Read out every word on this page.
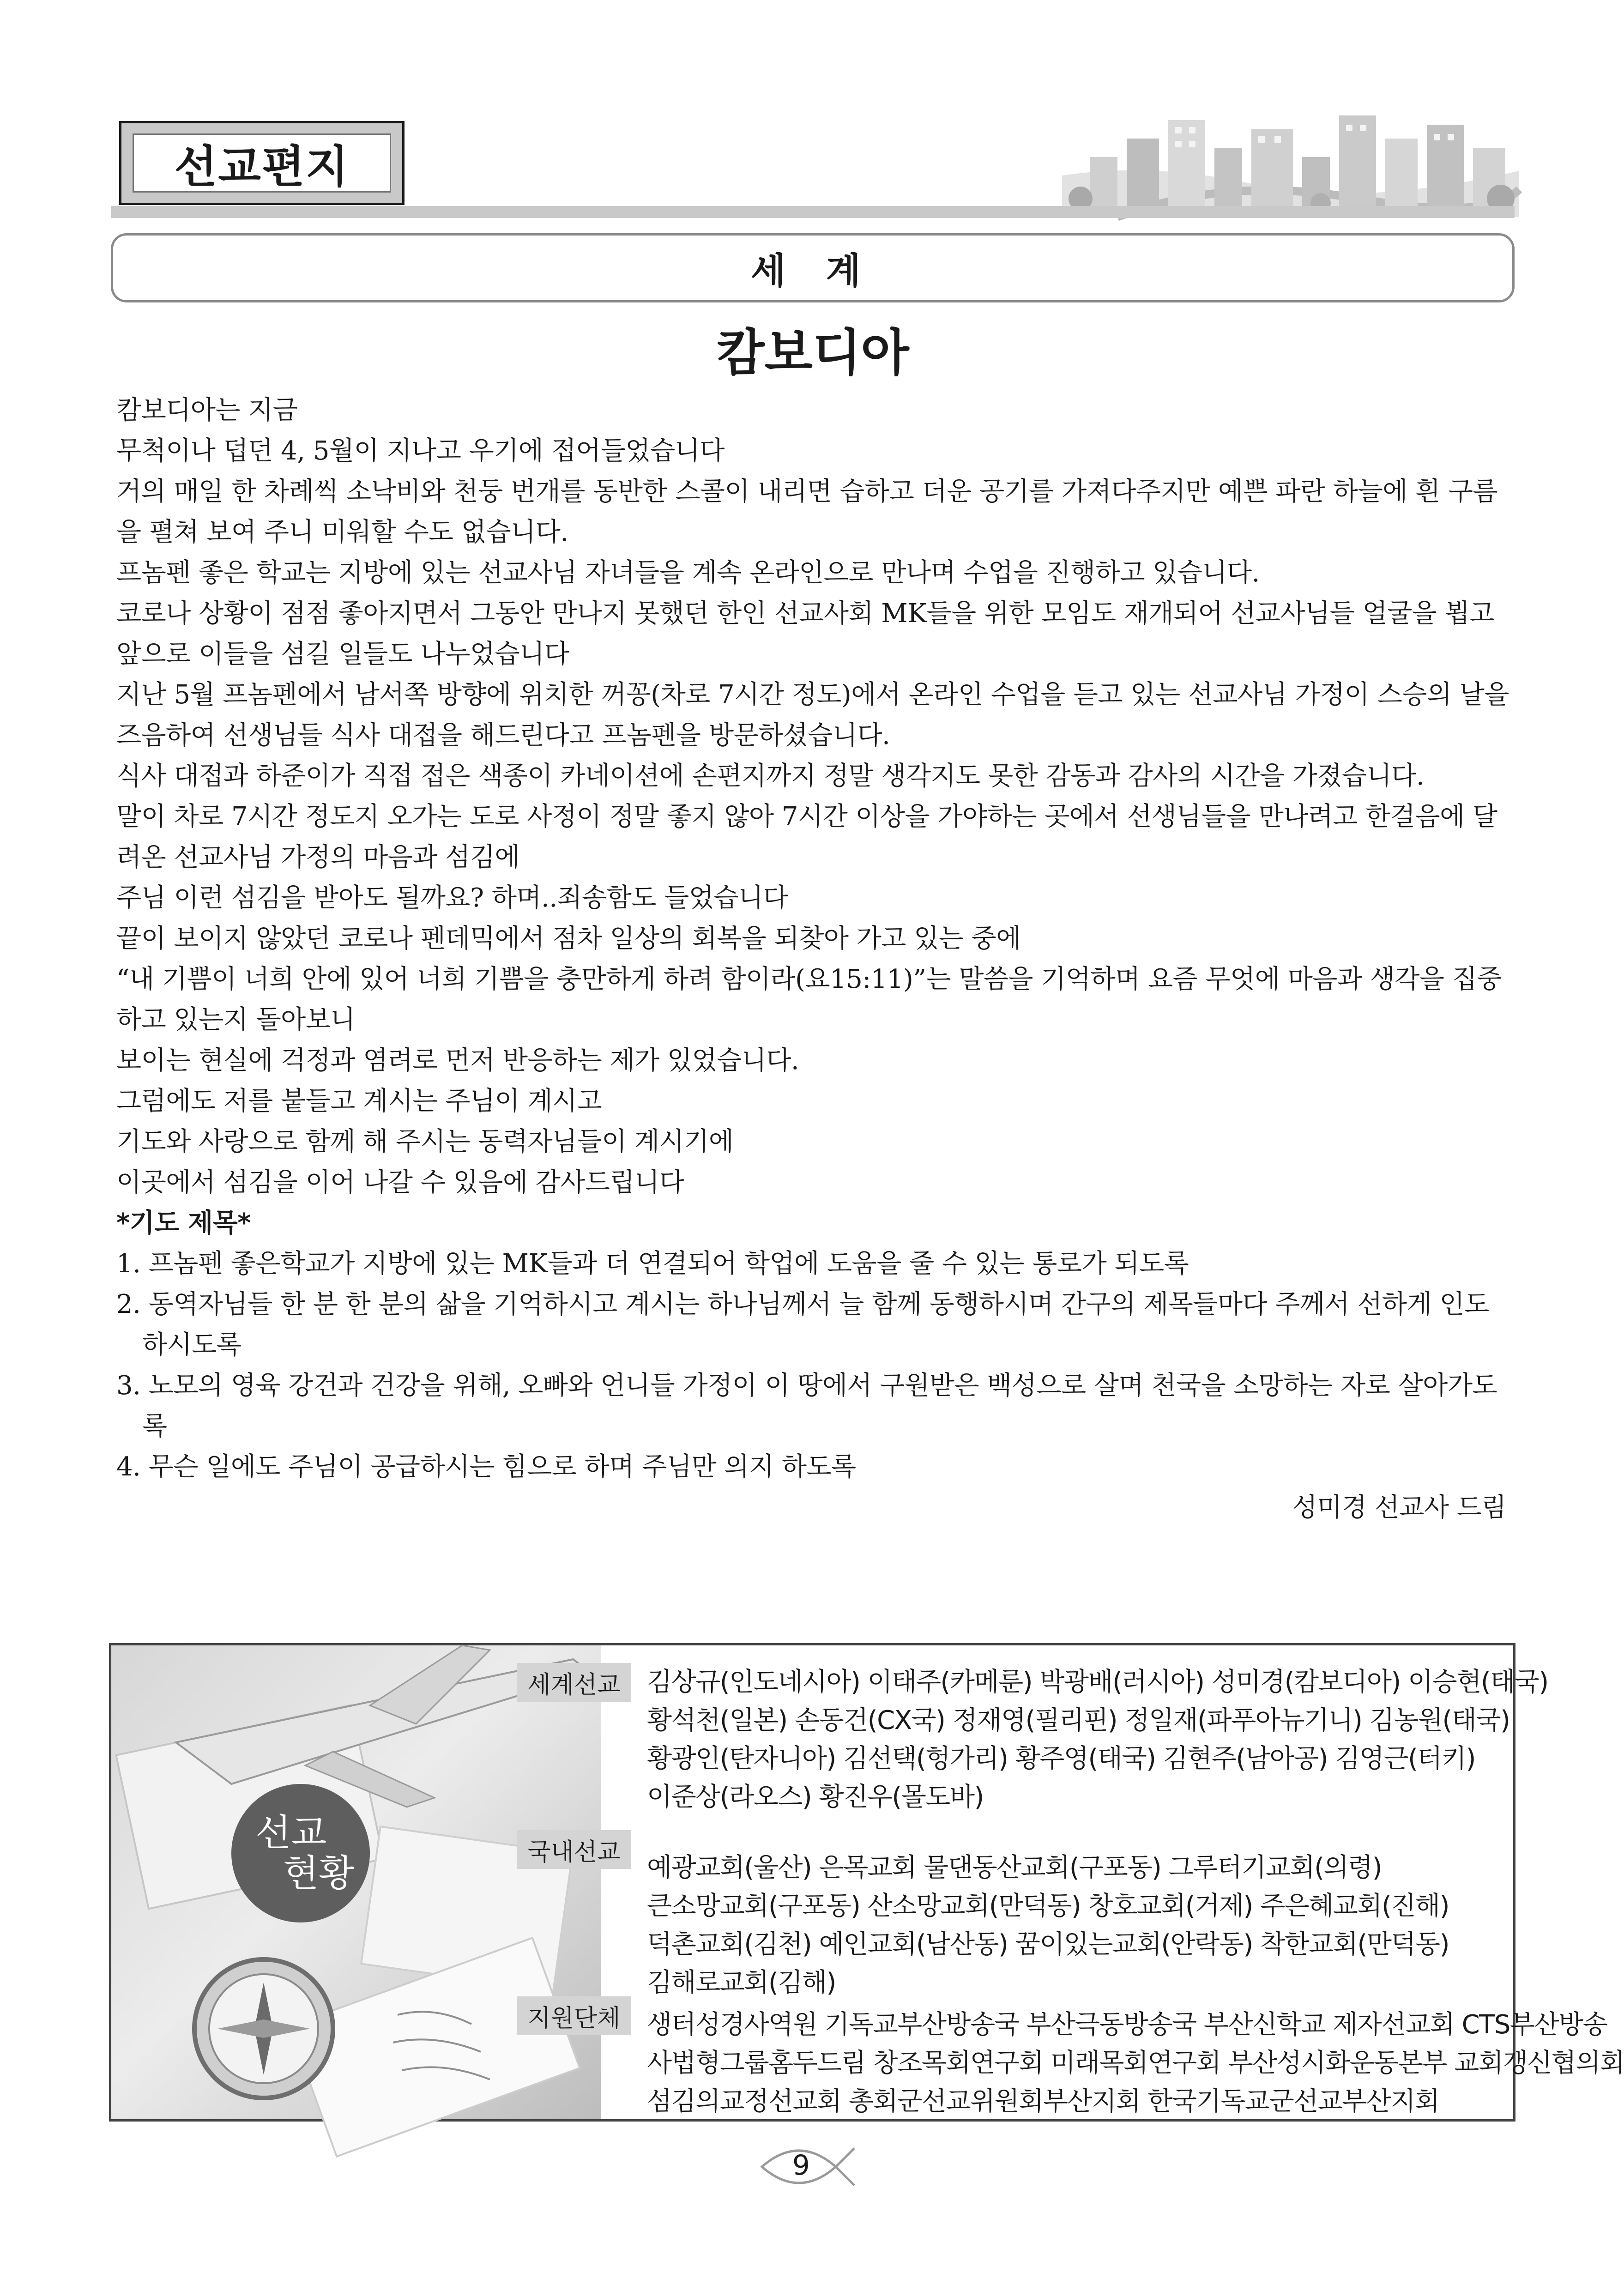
선교편지
세 계
캄보디아

캄보디아는 지금

무척이나 덥던 4, 5월이 지나고 우기에 접어들었습니다

거의 매일 한 차례씩 소낙비와 천둥 번개를 동반한 스콜이 내리면 습하고 더운 공기를 가져다주지만 예쁜 파란 하늘에 흰 구름을 펼쳐 보여 주니 미워할 수도 없습니다.

프놈펜 좋은 학교는 지방에 있는 선교사님 자녀들을 계속 온라인으로 만나며 수업을 진행하고 있습니다.

코로나 상황이 점점 좋아지면서 그동안 만나지 못했던 한인 선교사회 MK들을 위한 모임도 재개되어 선교사님들 얼굴을 뵙고 앞으로 이들을 섬길 일들도 나누었습니다

지난 5월 프놈펜에서 남서쪽 방향에 위치한 꺼꽁(차로 7시간 정도)에서 온라인 수업을 듣고 있는 선교사님 가정이 스승의 날을 즈음하여 선생님들 식사 대접을 해드린다고 프놈펜을 방문하셨습니다.

식사 대접과 하준이가 직접 접은 색종이 카네이션에 손편지까지 정말 생각지도 못한 감동과 감사의 시간을 가졌습니다.

말이 차로 7시간 정도지 오가는 도로 사정이 정말 좋지 않아 7시간 이상을 가야하는 곳에서 선생님들을 만나려고 한걸음에 달려온 선교사님 가정의 마음과 섬김에

주님 이런 섬김을 받아도 될까요? 하며..죄송함도 들었습니다

끝이 보이지 않았던 코로나 펜데믹에서 점차 일상의 회복을 되찾아 가고 있는 중에

“내 기쁨이 너희 안에 있어 너희 기쁨을 충만하게 하려 함이라(요15:11)”는 말씀을 기억하며 요즘 무엇에 마음과 생각을 집중하고 있는지 돌아보니

보이는 현실에 걱정과 염려로 먼저 반응하는 제가 있었습니다.

그럼에도 저를 붙들고 계시는 주님이 계시고

기도와 사랑으로 함께 해 주시는 동력자님들이 계시기에

이곳에서 섬김을 이어 나갈 수 있음에 감사드립니다

*기도 제목*

1. 프놈펜 좋은학교가 지방에 있는 MK들과 더 연결되어 학업에 도움을 줄 수 있는 통로가 되도록
2. 동역자님들 한 분 한 분의 삶을 기억하시고 계시는 하나님께서 늘 함께 동행하시며 간구의 제목들마다 주께서 선하게 인도 하시도록
3. 노모의 영육 강건과 건강을 위해, 오빠와 언니들 가정이 이 땅에서 구원받은 백성으로 살며 천국을 소망하는 자로 살아가도록
4. 무슨 일에도 주님이 공급하시는 힘으로 하며 주님만 의지 하도록

성미경 선교사 드림

선교
현황
세계선교	김상규(인도네시아) 이태주(카메룬) 박광배(러시아) 성미경(캄보디아) 이승현(태국)
황석천(일본) 손동건(CX국) 정재영(필리핀) 정일재(파푸아뉴기니) 김농원(태국)
황광인(탄자니아) 김선택(헝가리) 황주영(태국) 김현주(남아공) 김영근(터키)
이준상(라오스) 황진우(몰도바)
국내선교
예광교회(울산) 은목교회 물댄동산교회(구포동) 그루터기교회(의령)
큰소망교회(구포동) 산소망교회(만덕동) 창호교회(거제) 주은혜교회(진해)
덕촌교회(김천) 예인교회(남산동) 꿈이있는교회(안락동) 착한교회(만덕동)
김해로교회(김해)
지원단체	생터성경사역원 기독교부산방송국 부산극동방송국 부산신학교 제자선교회 CTS부산방송
사법형그룹홈두드림 창조목회연구회 미래목회연구회 부산성시화운동본부 교회갱신협의회
섬김의교정선교회 총회군선교위원회부산지회 한국기독교군선교부산지회
9
